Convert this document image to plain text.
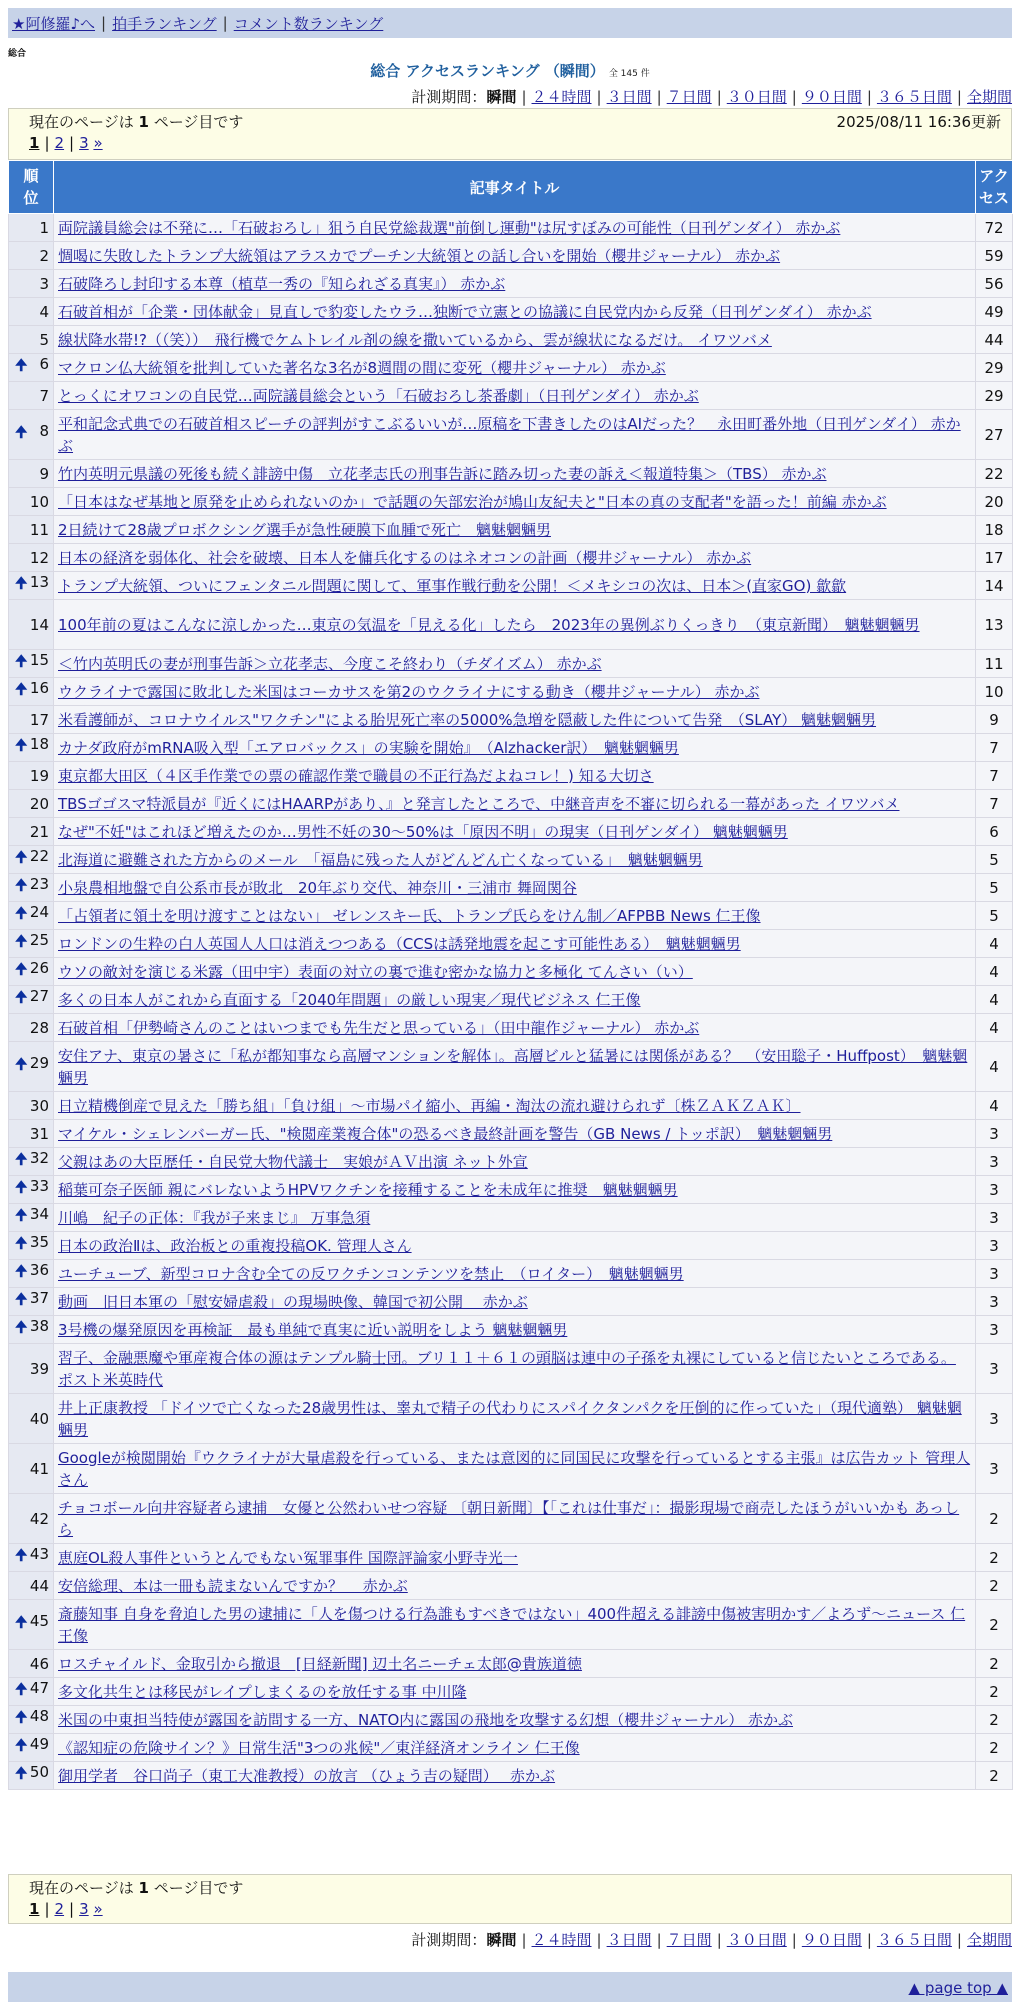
★阿修羅♪へ | 拍手ランキング | コメント数ランキング
総合
総合 アクセスランキング （瞬間） 全 145 件
計測期間：瞬間 | ２４時間 | ３日間 | ７日間 | ３０日間 | ９０日間 | ３６５日間 | 全期間
現在のページは 1 ページ目です	2025/08/11 16:36更新
1 | 2 | 3
»
順位	記事タイトル	アクセス
1	両院議員総会は不発に…「石破おろし」狙う自民党総裁選"前倒し運動"は尻すぼみの可能性（日刊ゲンダイ） 赤かぶ	72
2	惆喝に失敗したトランプ大統領はアラスカでプーチン大統領との話し合いを開始（櫻井ジャーナル） 赤かぶ	59
3	石破降ろし封印する本尊（植草一秀の『知られざる真実』） 赤かぶ	56
4	石破首相が「企業・団体献金」見直しで豹変したウラ…独断で立憲との協議に自民党内から反発（日刊ゲンダイ） 赤かぶ	49
5	線状降水帯!?（（笑））　飛行機でケムトレイル剤の線を撒いているから、雲が線状になるだけ。 イワツバメ	44

🠉 6	マクロン仏大統領を批判していた著名な3名が8週間の間に変死（櫻井ジャーナル） 赤かぶ	29
7	とっくにオワコンの自民党…両院議員総会という「石破おろし茶番劇」（日刊ゲンダイ） 赤かぶ	29

🠉 8	平和記念式典での石破首相スピーチの評判がすこぶるいいが…原稿を下書きしたのはAIだった？　永田町番外地（日刊ゲンダイ） 赤かぶ	27
9	竹内英明元県議の死後も続く誹謗中傷　立花孝志氏の刑事告訴に踏み切った妻の訴え＜報道特集＞（TBS） 赤かぶ	22
10	「日本はなぜ基地と原発を止められないのか」で話題の矢部宏治が鳩山友紀夫と"日本の真の支配者"を語った！前編 赤かぶ	20
11	2日続けて28歳プロボクシング選手が急性硬膜下血腫で死亡　魑魅魍魎男	18
12	日本の経済を弱体化、社会を破壊、日本人を傭兵化するのはネオコンの計画（櫻井ジャーナル） 赤かぶ	17

🠉 13	トランプ大統領、ついにフェンタニル問題に関して、軍事作戦行動を公開！＜メキシコの次は、日本＞(直家GO) 歙歙	14
14	100年前の夏はこんなに涼しかった…東京の気温を「見える化」したら　2023年の異例ぶりくっきり　（東京新聞）　魑魅魍魎男	13

🠉 15	＜竹内英明氏の妻が刑事告訴＞立花孝志、今度こそ終わり（チダイズム） 赤かぶ	11

🠉 16	ウクライナで露国に敗北した米国はコーカサスを第2のウクライナにする動き（櫻井ジャーナル） 赤かぶ	10
17	米看護師が、コロナウイルス"ワクチン"による胎児死亡率の5000%急増を隠蔽した件について告発　（SLAY） 魑魅魍魎男	9

🠉 18	カナダ政府がmRNA吸入型「エアロバックス」の実験を開始』　（Alzhacker訳）　魑魅魍魎男	7
19	東京都大田区（４区手作業での票の確認作業で職員の不正行為だよねコレ！) 知る大切さ	7
20	TBSゴゴスマ特派員が『近くにはHAARPがあり、』と発言したところで、中継音声を不審に切られる一幕があった イワツバメ	7
21	なぜ"不妊"はこれほど増えたのか…男性不妊の30～50%は「原因不明」の現実（日刊ゲンダイ） 魑魅魍魎男	6

🠉 22	北海道に避難された方からのメール　「福島に残った人がどんどん亡くなっている」　魑魅魍魎男	5

🠉 23	小泉農相地盤で自公系市長が敗北　20年ぶり交代、神奈川・三浦市 舞岡関谷	5

🠉 24	「占領者に領土を明け渡すことはない」 ゼレンスキー氏、トランプ氏らをけん制／AFPBB News 仁王像	5

🠉 25	ロンドンの生粋の白人英国人人口は消えつつある（CCSは誘発地震を起こす可能性ある）　魑魅魍魎男	4

🠉 26	ウソの敵対を演じる米露（田中宇）表面の対立の裏で進む密かな協力と多極化 てんさい（い）	4

🠉 27	多くの日本人がこれから直面する「2040年問題」の厳しい現実／現代ビジネス 仁王像	4
28	石破首相「伊勢崎さんのことはいつまでも先生だと思っている」（田中龍作ジャーナル） 赤かぶ	4

🠉 29	安住アナ、東京の暑さに「私が都知事なら高層マンションを解体」。高層ビルと猛暑には関係がある？　（安田聡子・Huffpost）　魑魅魍魎男	4
30	日立精機倒産で見えた「勝ち組」「負け組」～市場パイ縮小、再編・淘汰の流れ避けられず〔株ＺＡＫＺＡＫ〕	4
31	マイケル・シェレンバーガー氏、"検閲産業複合体"の恐るべき最終計画を警告（GB News / トッポ訳）　魑魅魍魎男	3

🠉 32	父親はあの大臣歴任・自民党大物代議士　実娘がＡＶ出演 ネット外宣	3

🠉 33	稲葉可奈子医師 親にバレないようHPVワクチンを接種することを未成年に推奨　魑魅魍魎男	3

🠉 34	川嶋　紀子の正体：『我が子来まじ』 万事急須	3

🠉 35	日本の政治Ⅱは、政治板との重複投稿OK. 管理人さん	3

🠉 36	ユーチューブ、新型コロナ含む全ての反ワクチンコンテンツを禁止　（ロイター）　魑魅魍魎男	3

🠉 37	動画　旧日本軍の「慰安婦虐殺」の現場映像、韓国で初公開　 赤かぶ	3

🠉 38	3号機の爆発原因を再検証　最も単純で真実に近い説明をしよう 魑魅魍魎男	3
39	習子、金融悪魔や軍産複合体の源はテンプル騎士団。ブリ１１＋６１の頭脳は連中の子孫を丸裸にしていると信じたいところである。 ポスト米英時代	3
40	井上正康教授 「ドイツで亡くなった28歳男性は、睾丸で精子の代わりにスパイクタンパクを圧倒的に作っていた」（現代適塾） 魑魅魍魎男	3
41	Googleが検閲開始『ウクライナが大量虐殺を行っている、または意図的に同国民に攻撃を行っているとする主張』は広告カット 管理人さん	3
42	チョコボール向井容疑者ら逮捕　女優と公然わいせつ容疑 〔朝日新聞〕【「これは仕事だ」：撮影現場で商売したほうがいいかも あっしら	2

🠉 43	恵庭OL殺人事件というとんでもない冤罪事件 国際評論家小野寺光一	2
44	安倍総理、本は一冊も読まないんですか？　 赤かぶ	2

🠉 45	斎藤知事 自身を脅迫した男の逮捕に「人を傷つける行為誰もすべきではない」400件超える誹謗中傷被害明かす／よろず～ニュース 仁王像	2
46	ロスチャイルド、金取引から撤退　[日経新聞] 辺土名ニーチェ太郎@貴族道徳	2

🠉 47	多文化共生とは移民がレイプしまくるのを放任する事 中川隆	2

🠉 48	米国の中東担当特使が露国を訪問する一方、NATO内に露国の飛地を攻撃する幻想（櫻井ジャーナル） 赤かぶ	2

🠉 49	《認知症の危険サイン？》日常生活"3つの兆候"／東洋経済オンライン 仁王像	2

🠉 50	御用学者　谷口尚子（東工大准教授）の放言 （ひょう吉の疑問）　 赤かぶ	2
現在のページは 1 ページ目です
1 | 2 | 3
»
計測期間：瞬間 | ２４時間 | ３日間 | ７日間 | ３０日間 | ９０日間 | ３６５日間 | 全期間
▲ page top ▲
